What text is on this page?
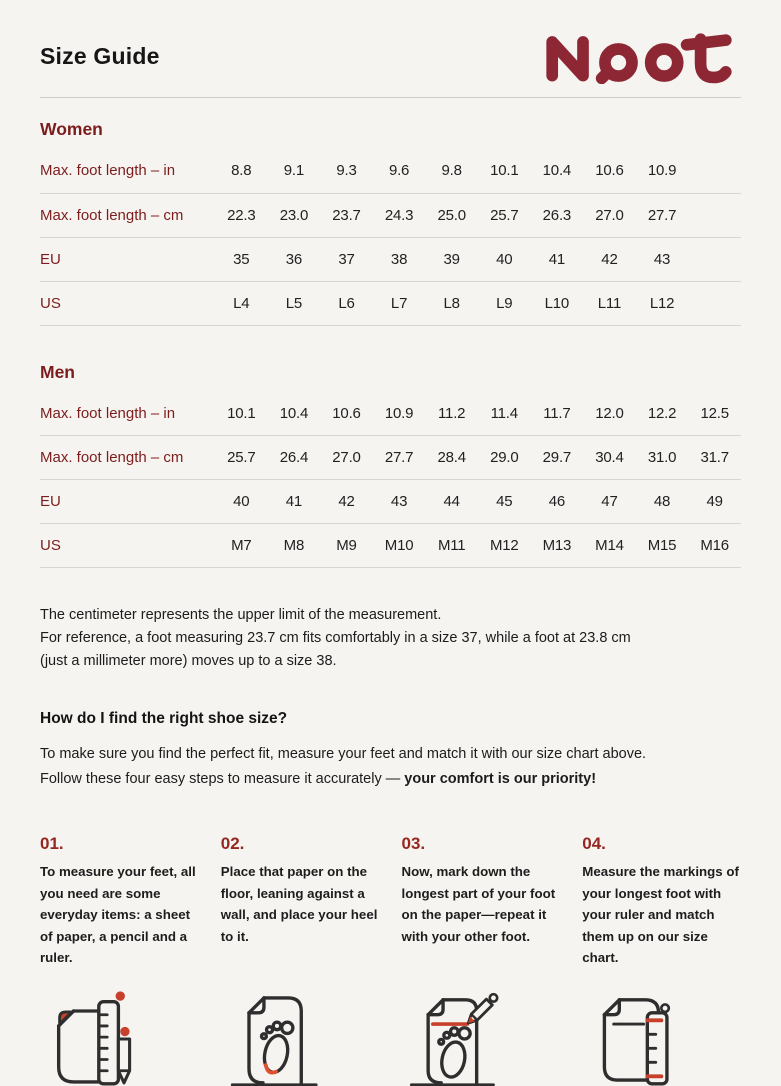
Size Guide
Women
Max. foot length – in	8.8	9.1	9.3	9.6	9.8	10.1	10.4	10.6	10.9	
Max. foot length – cm	22.3	23.0	23.7	24.3	25.0	25.7	26.3	27.0	27.7	
EU	35	36	37	38	39	40	41	42	43	
US	L4	L5	L6	L7	L8	L9	L10	L11	L12	
Men
Max. foot length – in	10.1	10.4	10.6	10.9	11.2	11.4	11.7	12.0	12.2	12.5
Max. foot length – cm	25.7	26.4	27.0	27.7	28.4	29.0	29.7	30.4	31.0	31.7
EU	40	41	42	43	44	45	46	47	48	49
US	M7	M8	M9	M10	M11	M12	M13	M14	M15	M16
The centimeter represents the upper limit of the measurement.
For reference, a foot measuring 23.7 cm fits comfortably in a size 37, while a foot at 23.8 cm
(just a millimeter more) moves up to a size 38.
How do I find the right shoe size?

To make sure you find the perfect fit, measure your feet and match it with our size chart above. Follow these four easy steps to measure it accurately — your comfort is our priority!

01.
To measure your feet, all you need are some everyday items: a sheet of paper, a pencil and a ruler.
02.
Place that paper on the floor, leaning against a wall, and place your heel to it.
03.
Now, mark down the longest part of your foot on the paper—repeat it with your other foot.
04.
Measure the markings of your longest foot with your ruler and match them up on our size chart.
